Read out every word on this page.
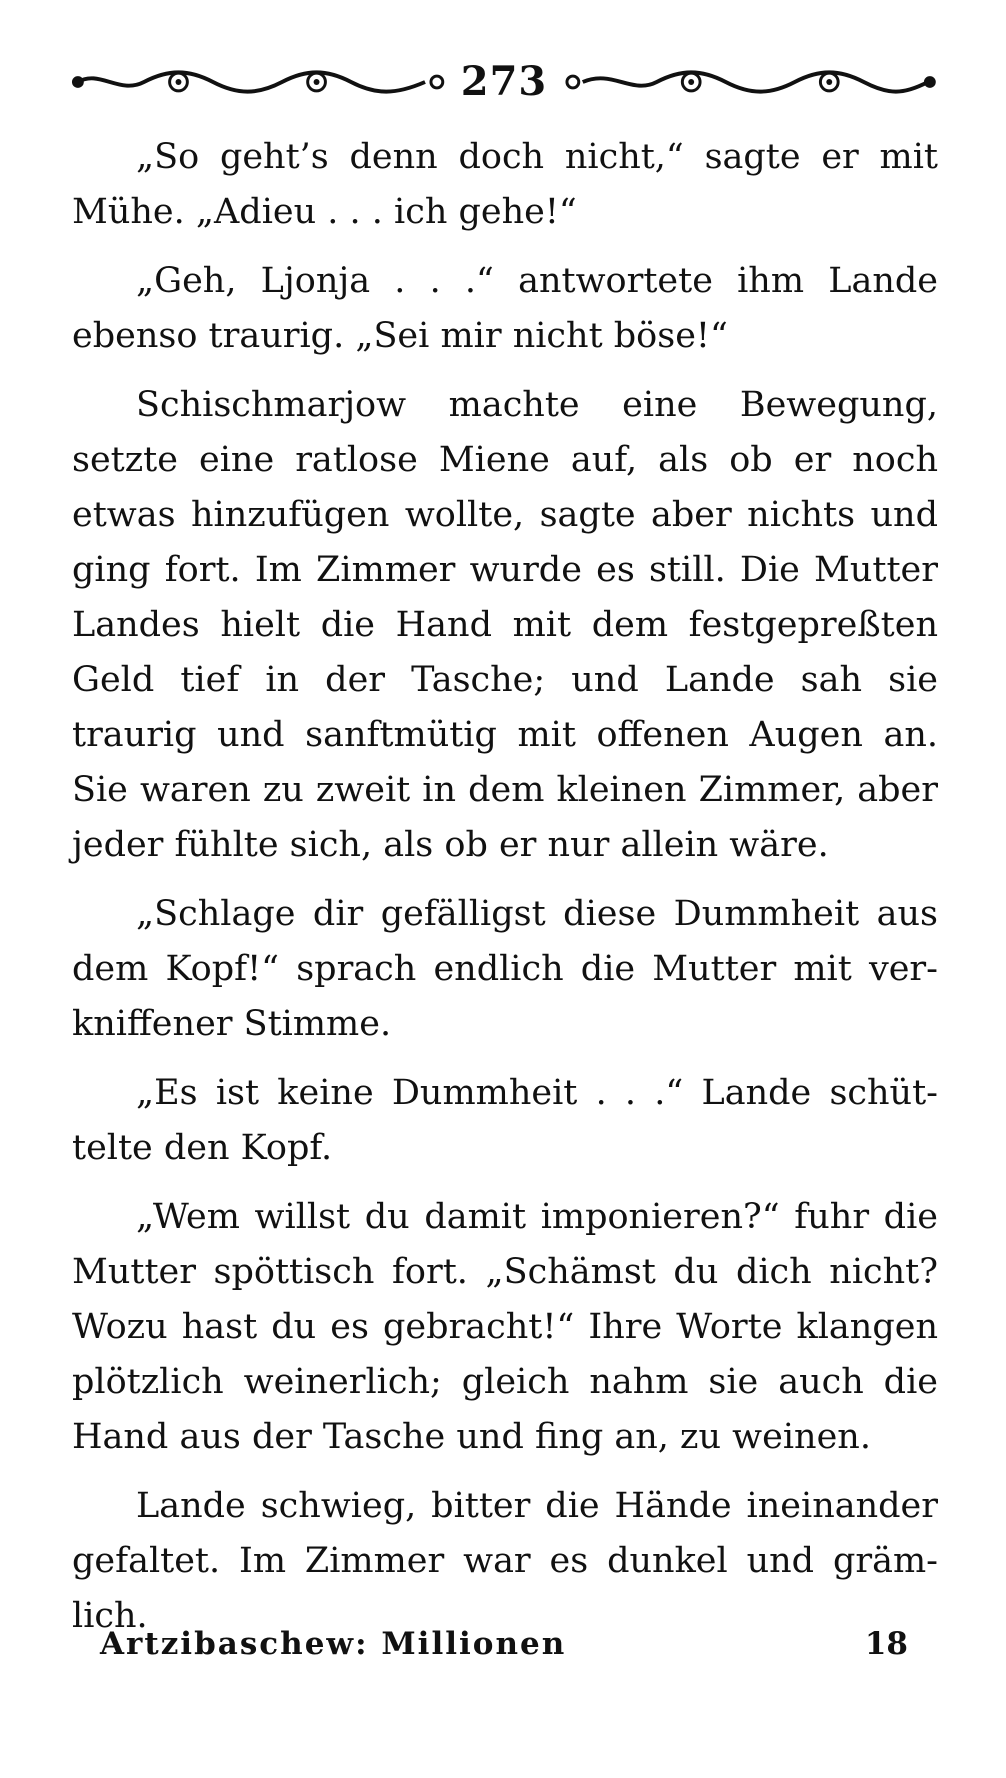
273

„So geht’s denn doch nicht,“ sagte er mit Mühe. „Adieu . . . ich gehe!“

„Geh, Ljonja . . .“ antwortete ihm Lande ebenso traurig. „Sei mir nicht böse!“

Schischmarjow machte eine Bewegung, setzte eine ratlose Miene auf, als ob er noch etwas hinzufügen wollte, sagte aber nichts und ging fort. Im Zimmer wurde es still. Die Mutter Landes hielt die Hand mit dem festgepreßten Geld tief in der Tasche; und Lande sah sie traurig und sanftmütig mit offenen Augen an. Sie waren zu zweit in dem kleinen Zimmer, aber jeder fühlte sich, als ob er nur allein wäre.

„Schlage dir gefälligst diese Dummheit aus dem Kopf!“ sprach endlich die Mutter mit verkniffener Stimme.

„Es ist keine Dummheit . . .“ Lande schüttelte den Kopf.

„Wem willst du damit imponieren?“ fuhr die Mutter spöttisch fort. „Schämst du dich nicht? Wozu hast du es gebracht!“ Ihre Worte klangen plötzlich weinerlich; gleich nahm sie auch die Hand aus der Tasche und fing an, zu weinen.

Lande schwieg, bitter die Hände ineinander gefaltet. Im Zimmer war es dunkel und grämlich.

Artzibaschew: Millionen	18
